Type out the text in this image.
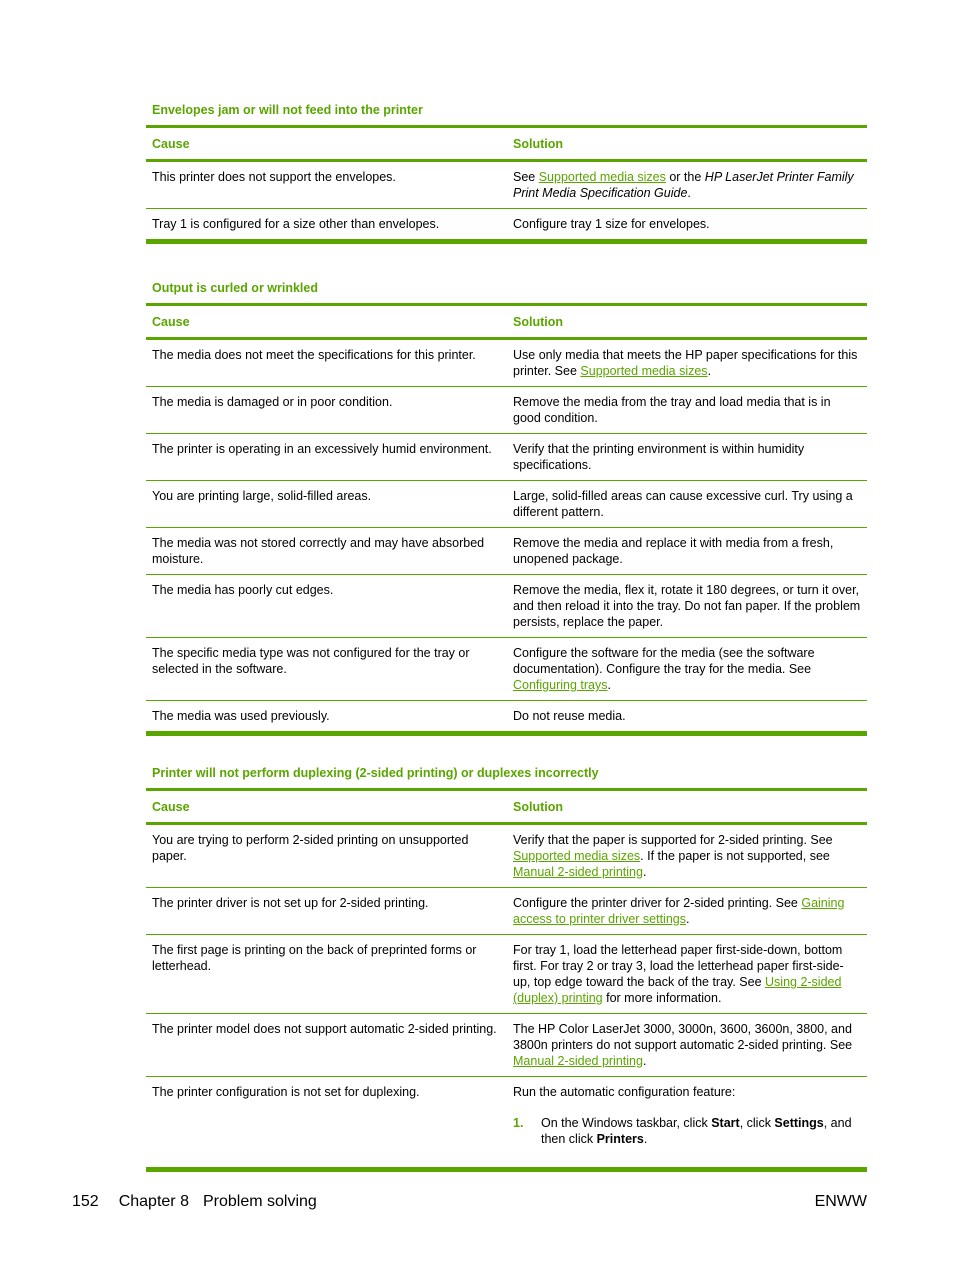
Envelopes jam or will not feed into the printer
Cause	Solution
This printer does not support the envelopes.	See Supported media sizes or the HP LaserJet Printer Family Print Media Specification Guide.
Tray 1 is configured for a size other than envelopes.	Configure tray 1 size for envelopes.
Output is curled or wrinkled
Cause	Solution
The media does not meet the specifications for this printer.	Use only media that meets the HP paper specifications for this printer. See Supported media sizes.
The media is damaged or in poor condition.	Remove the media from the tray and load media that is in good condition.
The printer is operating in an excessively humid environment.	Verify that the printing environment is within humidity specifications.
You are printing large, solid-filled areas.	Large, solid-filled areas can cause excessive curl. Try using a different pattern.
The media was not stored correctly and may have absorbed moisture.	Remove the media and replace it with media from a fresh, unopened package.
The media has poorly cut edges.	Remove the media, flex it, rotate it 180 degrees, or turn it over, and then reload it into the tray. Do not fan paper. If the problem persists, replace the paper.
The specific media type was not configured for the tray or selected in the software.	Configure the software for the media (see the software documentation). Configure the tray for the media. See Configuring trays.
The media was used previously.	Do not reuse media.
Printer will not perform duplexing (2-sided printing) or duplexes incorrectly
Cause	Solution
You are trying to perform 2-sided printing on unsupported paper.	Verify that the paper is supported for 2-sided printing. See Supported media sizes. If the paper is not supported, see Manual 2-sided printing.
The printer driver is not set up for 2-sided printing.	Configure the printer driver for 2-sided printing. See Gaining access to printer driver settings.
The first page is printing on the back of preprinted forms or letterhead.	For tray 1, load the letterhead paper first-side-down, bottom first. For tray 2 or tray 3, load the letterhead paper first-side-up, top edge toward the back of the tray. See Using 2-sided (duplex) printing for more information.
The printer model does not support automatic 2-sided printing.	The HP Color LaserJet 3000, 3000n, 3600, 3600n, 3800, and 3800n printers do not support automatic 2-sided printing. See Manual 2-sided printing.
The printer configuration is not set for duplexing.	Run the automatic configuration feature:
1. On the Windows taskbar, click Start, click Settings, and then click Printers.
152 Chapter 8 Problem solving	ENWW
